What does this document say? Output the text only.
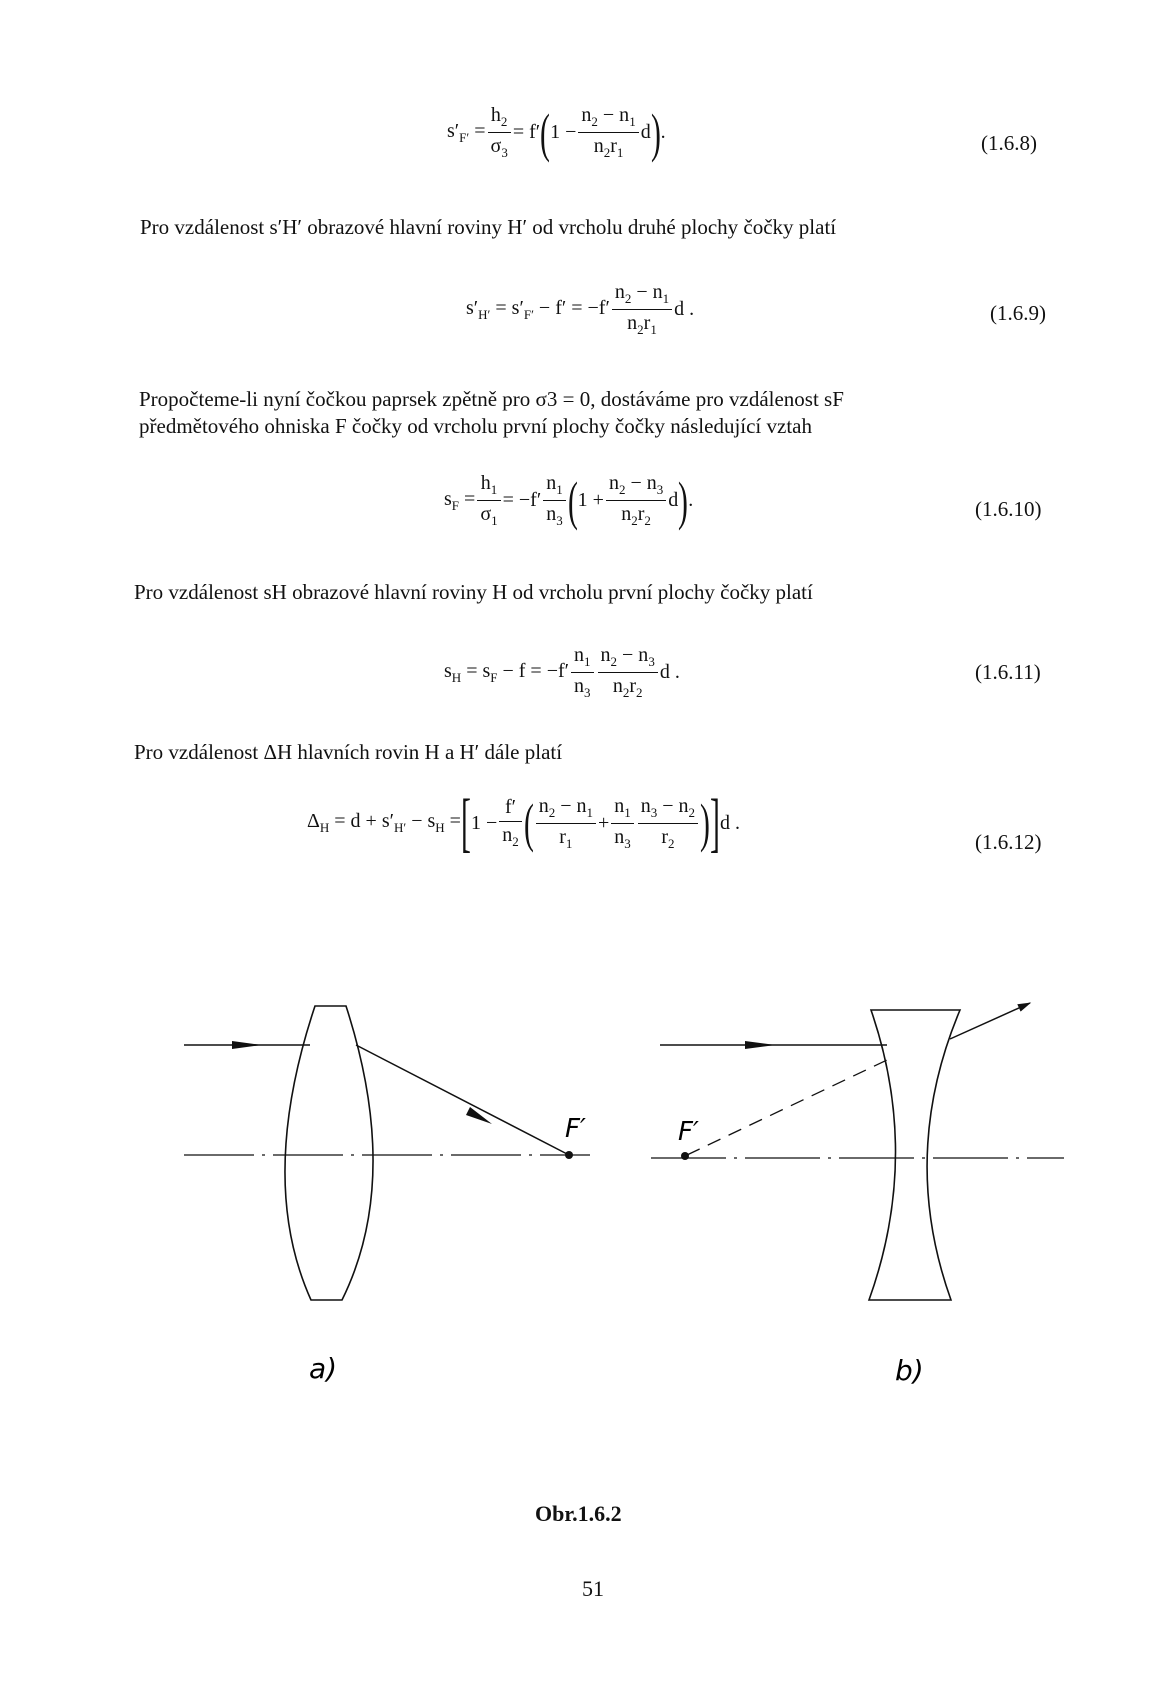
$s'_{F'} = \frac{h_2}{\sigma_3} = f'$ ( $1 - \frac{n_2 - n_1}{n_2r_1}$ d ) .	(1.6.8)
Pro vzdálenost s′H′ obrazové hlavní roviny H′ od vrcholu druhé plochy čočky platí
$s'_{H'} = s'_{F'} - f' = -f' \frac{n_2 - n_1}{n_2r_1}$ d .	(1.6.9)
Propočteme-li nyní čočkou paprsek zpětně pro σ3 = 0, dostáváme pro vzdálenost sF
předmětového ohniska F čočky od vrcholu první plochy čočky následující vztah
$s_F = \frac{h_1}{\sigma_1} = -f' \frac{n_1}{n_3}$ ( $1 + \frac{n_2 - n_3}{n_2r_2}$ d ) .	(1.6.10)
Pro vzdálenost sH obrazové hlavní roviny H od vrcholu první plochy čočky platí
$s_H = s_F - f = -f' \frac{n_1}{n_3} \frac{n_2 - n_3}{n_2r_2}$ d .	(1.6.11)
Pro vzdálenost ΔH hlavních rovin H a H′ dále platí
$\Delta_H = d + s'_{H'} - s_H$ = [ $1 - \frac{f'}{n_2}$ ( $\frac{n_2 - n_1}{r_1} + \frac{n_1}{n_3} \frac{n_3 - n_2}{r_2}$ ) ] d .
(1.6.12)
F′	F′
a)	b)
Obr.1.6.2
51
